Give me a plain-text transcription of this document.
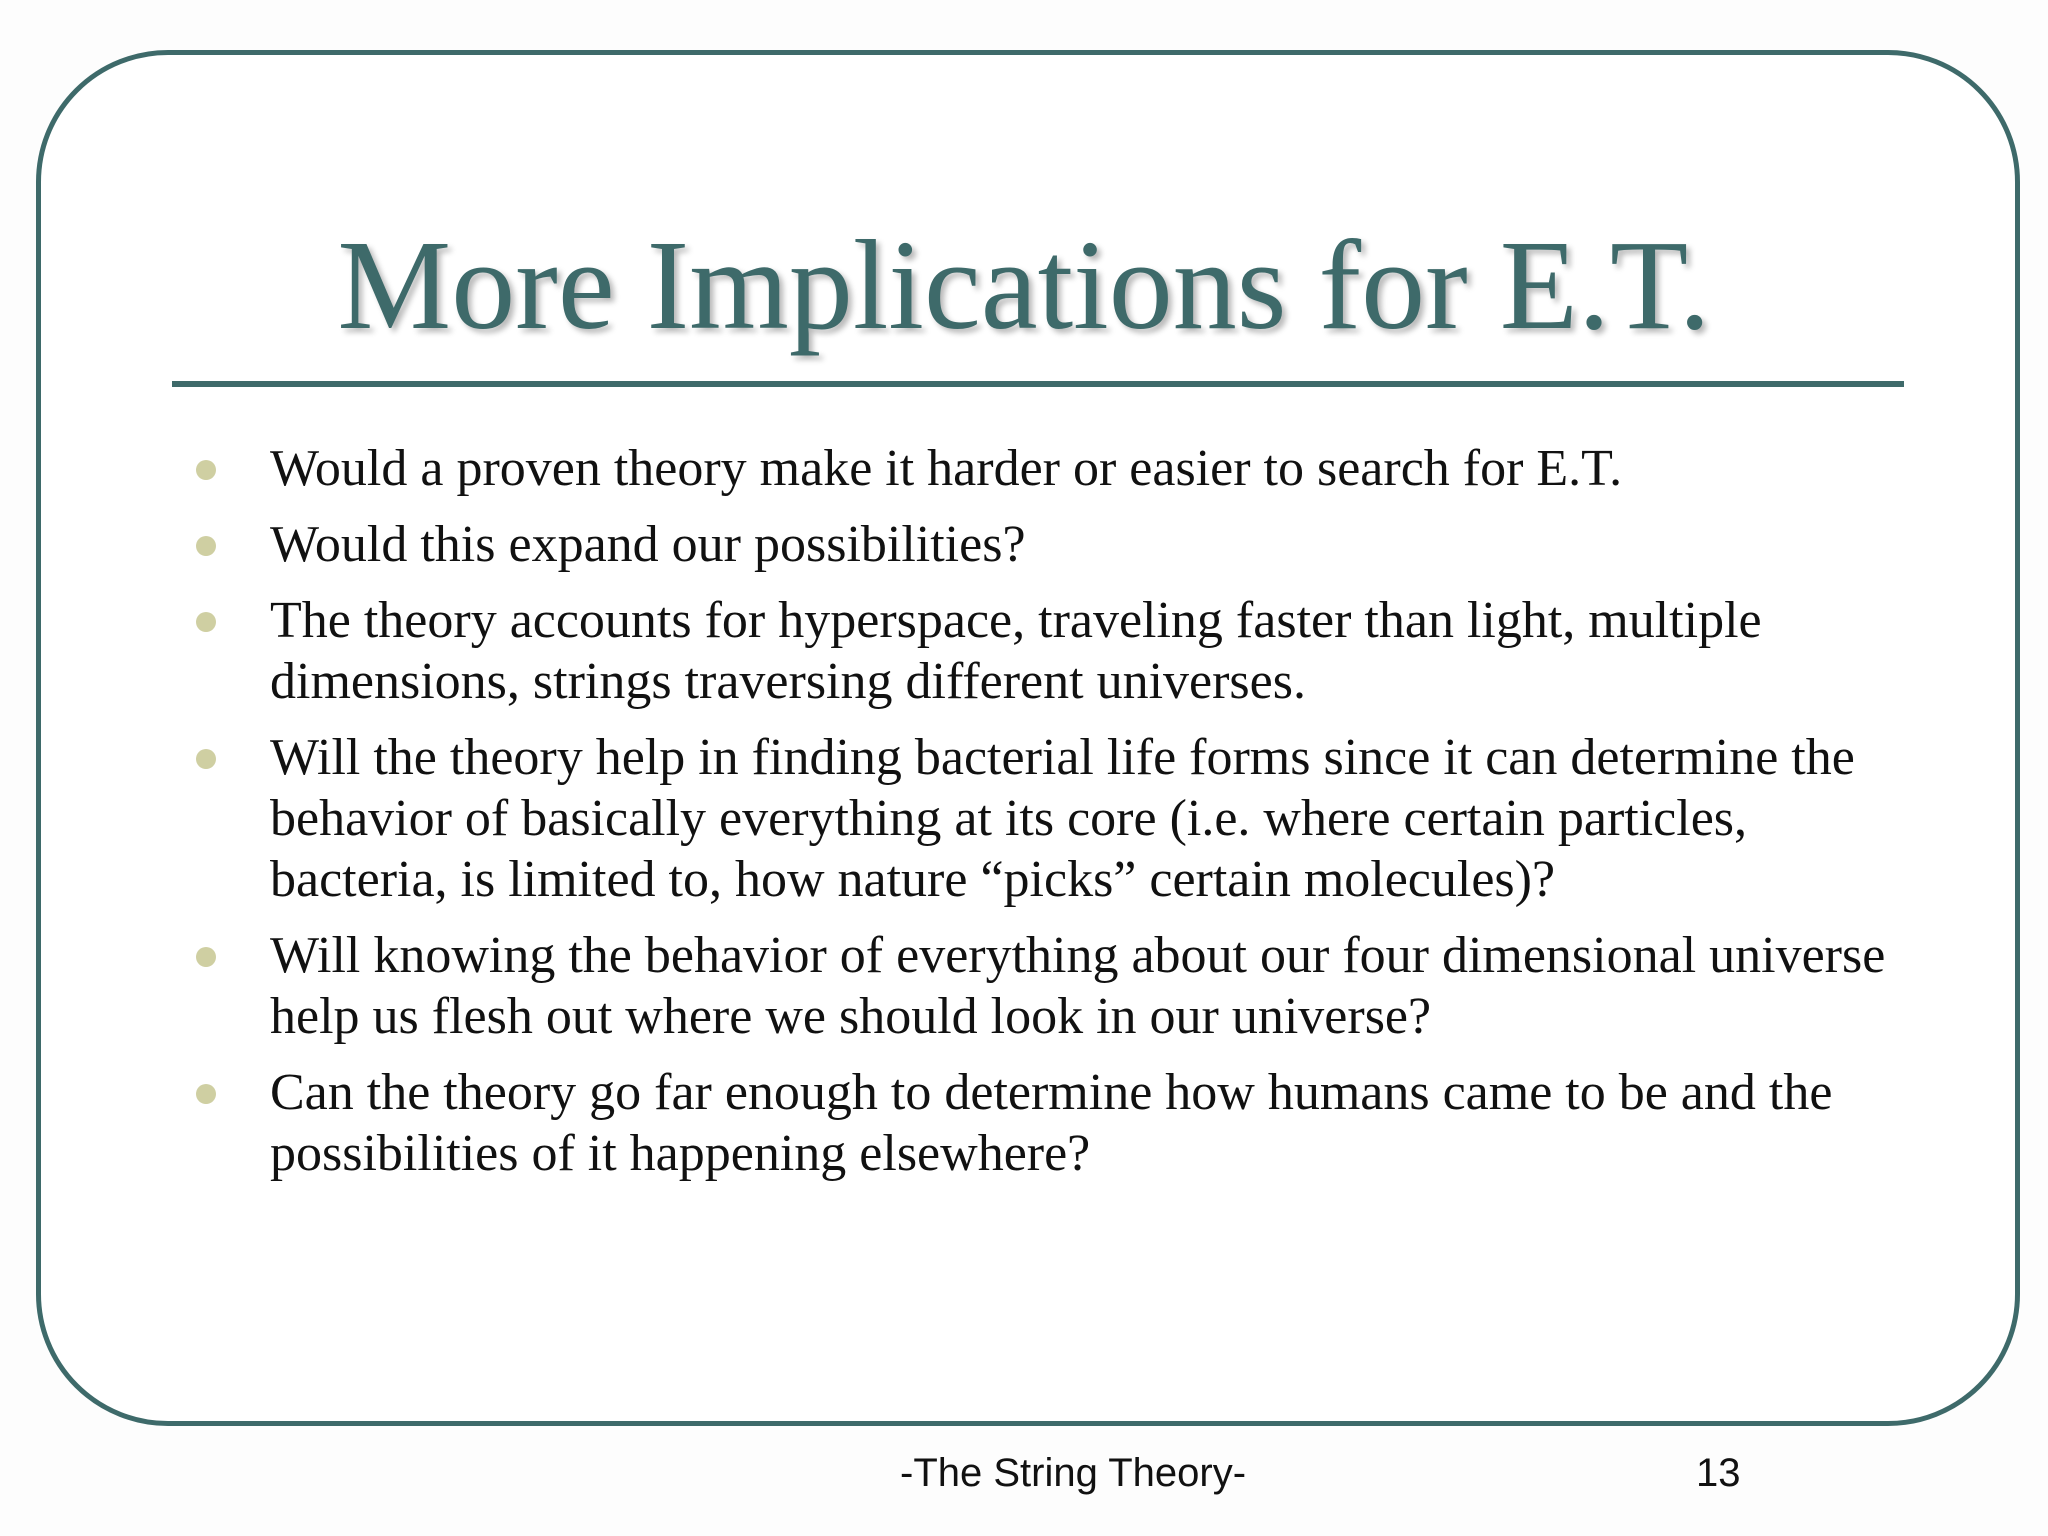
More Implications for E.T.
Would a proven theory make it harder or easier to search for E.T.
Would this expand our possibilities?
The theory accounts for hyperspace, traveling faster than light, multiple dimensions, strings traversing different universes.
Will the theory help in finding bacterial life forms since it can determine the behavior of basically everything at its core (i.e. where certain particles, bacteria, is limited to, how nature “picks” certain molecules)?
Will knowing the behavior of everything about our four dimensional universe help us flesh out where we should look in our universe?
Can the theory go far enough to determine how humans came to be and the possibilities of it happening elsewhere?
-The String Theory-	13
